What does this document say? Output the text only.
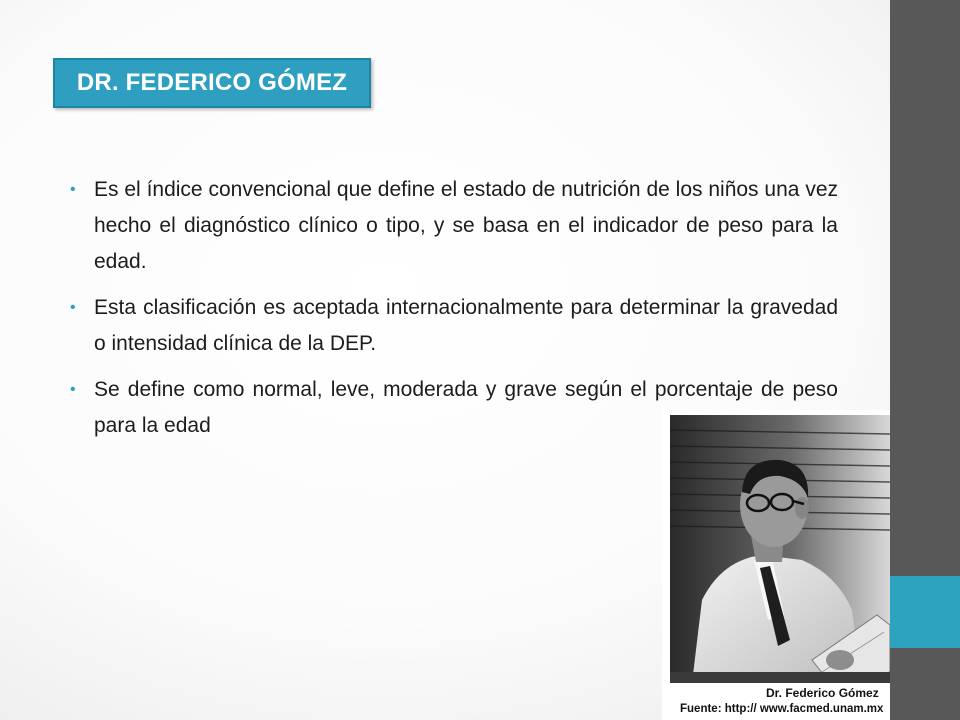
DR. FEDERICO GÓMEZ
• Es el índice convencional que define el estado de nutrición de los niños una vez hecho el diagnóstico clínico o tipo, y se basa en el indicador de peso para la edad.
• Esta clasificación es aceptada internacionalmente para determinar la gravedad o intensidad clínica de la DEP.
• Se define como normal, leve, moderada y grave según el porcentaje de peso para la edad
Dr. Federico Gómez
Fuente: http:// www.facmed.unam.mx
